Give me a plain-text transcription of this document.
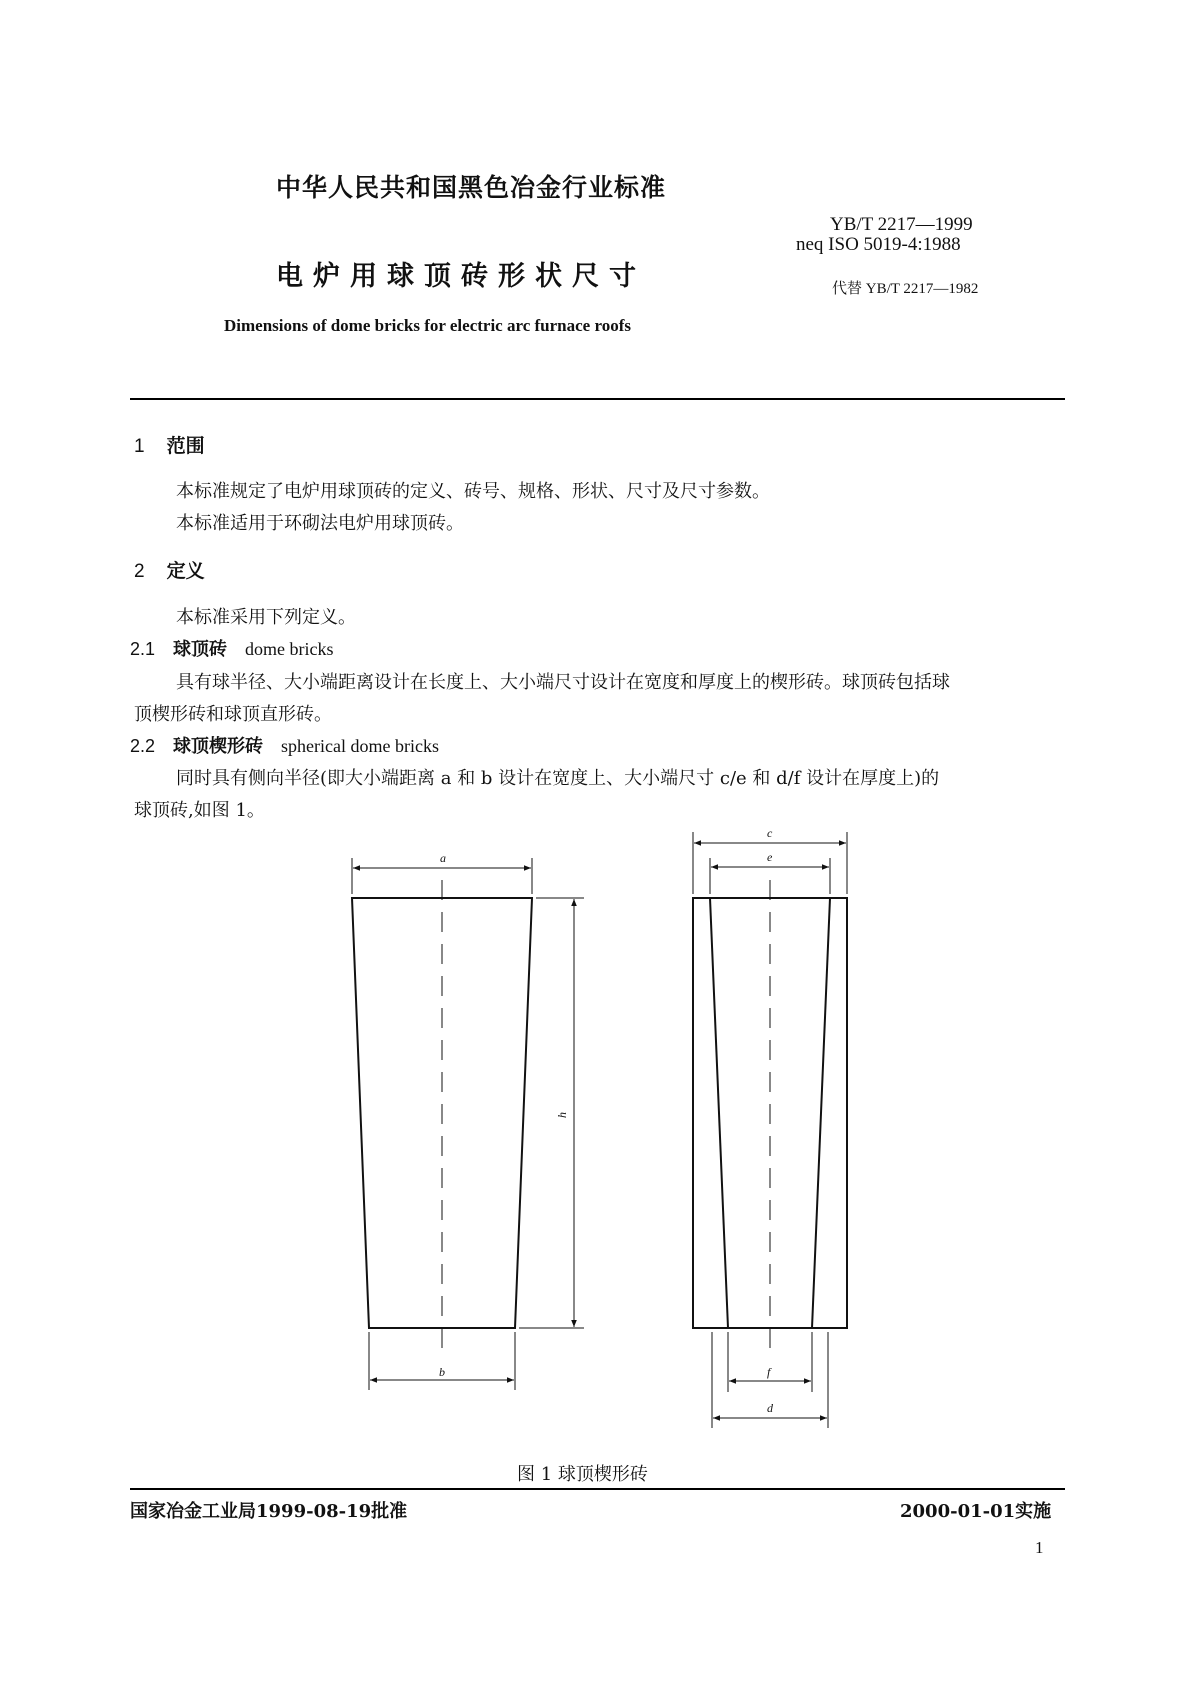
中华人民共和国黑色冶金行业标准
电炉用球顶砖形状尺寸
Dimensions of dome bricks for electric arc furnace roofs
YB/T 2217—1999
neq ISO 5019-4:1988
代替 YB/T 2217—1982
1 范围
本标准规定了电炉用球顶砖的定义、砖号、规格、形状、尺寸及尺寸参数。
本标准适用于环砌法电炉用球顶砖。
2 定义
本标准采用下列定义。
2.1 球顶砖 dome bricks
具有球半径、大小端距离设计在长度上、大小端尺寸设计在宽度和厚度上的楔形砖。球顶砖包括球
顶楔形砖和球顶直形砖。
2.2 球顶楔形砖 spherical dome bricks
同时具有侧向半径(即大小端距离 a 和 b 设计在宽度上、大小端尺寸 c/e 和 d/f 设计在厚度上)的
球顶砖,如图 1。
a
b
h
c
e
f
d
图 1 球顶楔形砖
国家冶金工业局1999-08-19批准	2000-01-01实施
1
